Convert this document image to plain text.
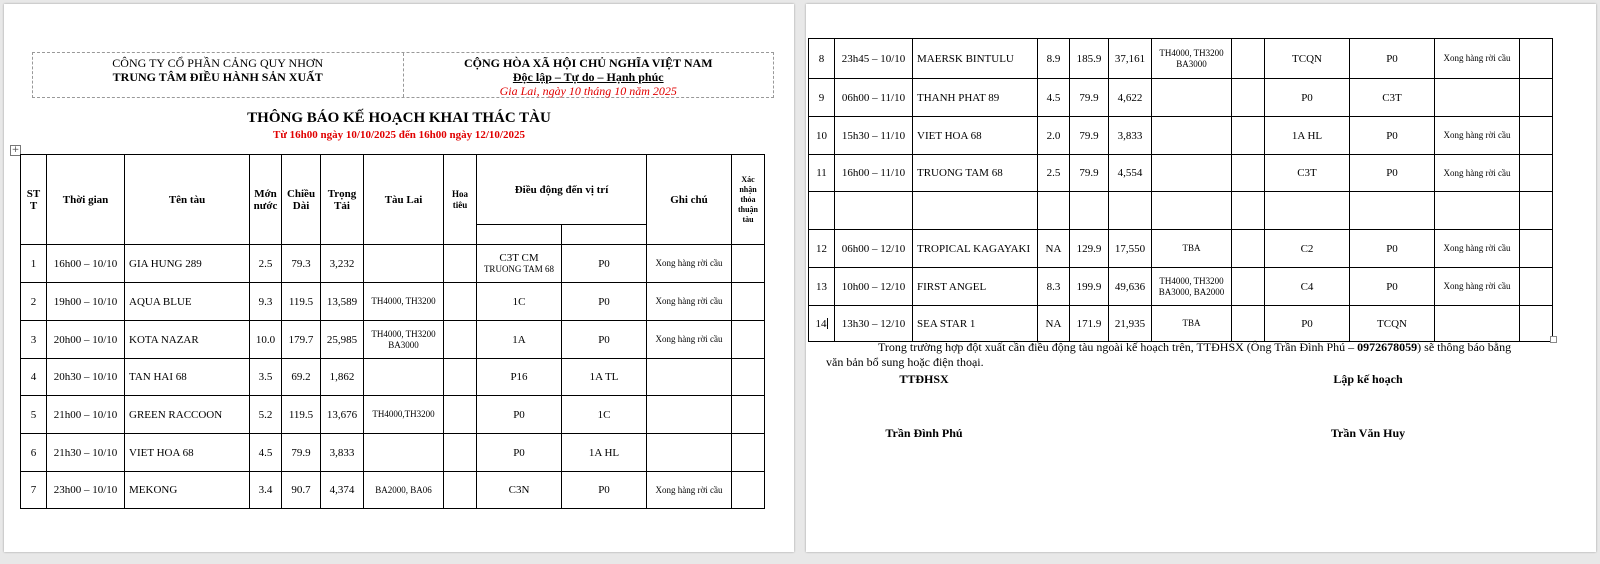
CÔNG TY CỔ PHẦN CẢNG QUY NHƠN
TRUNG TÂM ĐIỀU HÀNH SẢN XUẤT
CỘNG HÒA XÃ HỘI CHỦ NGHĨA VIỆT NAM
Độc lập – Tự do – Hạnh phúc
Gia Lai, ngày 10 tháng 10 năm 2025
THÔNG BÁO KẾ HOẠCH KHAI THÁC TÀU
Từ 16h00 ngày 10/10/2025 đến 16h00 ngày 12/10/2025
+
ST T	Thời gian	Tên tàu	Mớn nước	Chiều Dài	Trọng Tải	Tàu Lai	Hoa tiêu	Điều động đến vị trí		Ghi chú	Xác nhận thỏa thuận tàu

1	16h00 – 10/10	GIA HUNG 289	2.5	79.3	3,232			C3T CM
TRUONG TAM 68	P0	Xong hàng rời cầu	
2	19h00 – 10/10	AQUA BLUE	9.3	119.5	13,589	TH4000, TH3200		1C	P0	Xong hàng rời cầu	
3	20h00 – 10/10	KOTA NAZAR	10.0	179.7	25,985	TH4000, TH3200 BA3000		1A	P0	Xong hàng rời cầu	
4	20h30 – 10/10	TAN HAI 68	3.5	69.2	1,862			P16	1A TL		
5	21h00 – 10/10	GREEN RACCOON	5.2	119.5	13,676	TH4000,TH3200		P0	1C		
6	21h30 – 10/10	VIET HOA 68	4.5	79.9	3,833			P0	1A HL		
7	23h00 – 10/10	MEKONG	3.4	90.7	4,374	BA2000, BA06		C3N	P0	Xong hàng rời cầu	
8	23h45 – 10/10	MAERSK BINTULU	8.9	185.9	37,161	TH4000, TH3200 BA3000		TCQN	P0	Xong hàng rời cầu	
9	06h00 – 11/10	THANH PHAT 89	4.5	79.9	4,622			P0	C3T		
10	15h30 – 11/10	VIET HOA 68	2.0	79.9	3,833			1A HL	P0	Xong hàng rời cầu	
11	16h00 – 11/10	TRUONG TAM 68	2.5	79.9	4,554			C3T	P0	Xong hàng rời cầu	

12	06h00 – 12/10	TROPICAL KAGAYAKI	NA	129.9	17,550	TBA		C2	P0	Xong hàng rời cầu	
13	10h00 – 12/10	FIRST ANGEL	8.3	199.9	49,636	TH4000, TH3200 BA3000, BA2000		C4	P0	Xong hàng rời cầu	
14	13h30 – 12/10	SEA STAR 1	NA	171.9	21,935	TBA		P0	TCQN		
Trong trường hợp đột xuất cần điều động tàu ngoài kế hoạch trên, TTĐHSX (Ông Trần Đình Phú – 0972678059) sẽ thông báo bằng văn bản bổ sung hoặc điện thoại.
TTĐHSX	Lập kế hoạch
Trần Đình Phú	Trần Văn Huy
